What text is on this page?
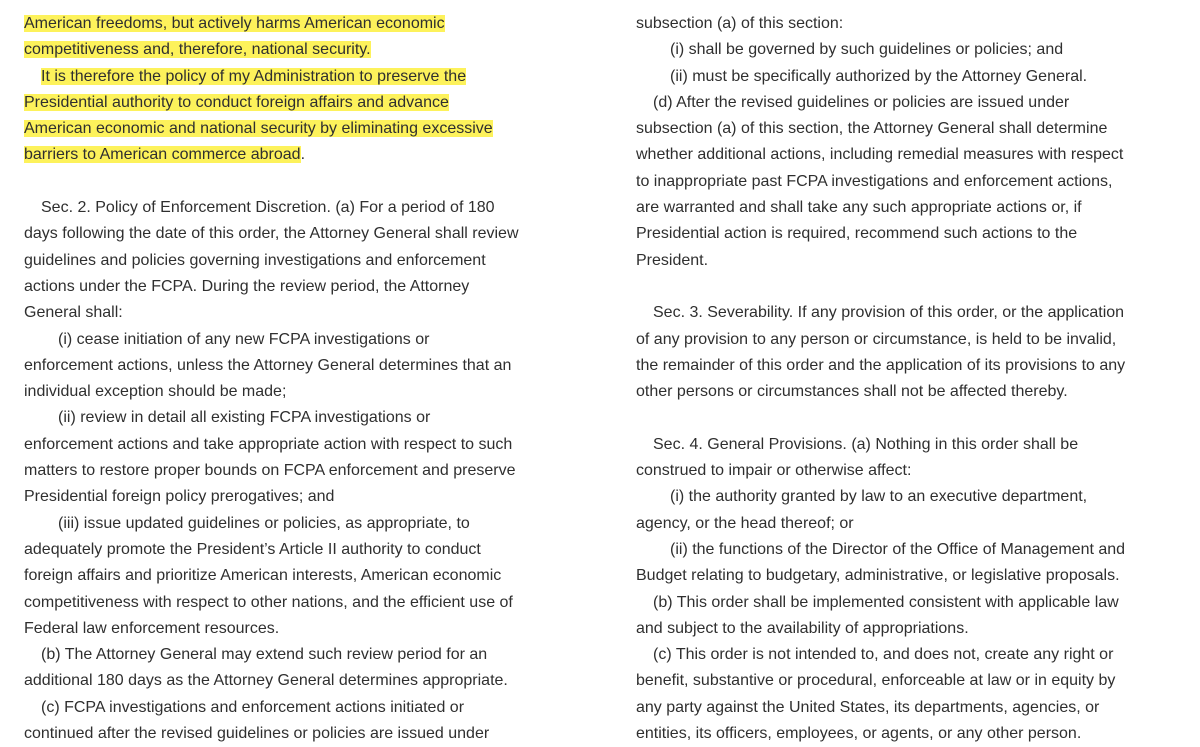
American freedoms, but actively harms American economic
competitiveness and, therefore, national security.
It is therefore the policy of my Administration to preserve the
Presidential authority to conduct foreign affairs and advance
American economic and national security by eliminating excessive
barriers to American commerce abroad.
Sec. 2. Policy of Enforcement Discretion. (a) For a period of 180
days following the date of this order, the Attorney General shall review
guidelines and policies governing investigations and enforcement
actions under the FCPA. During the review period, the Attorney
General shall:
(i) cease initiation of any new FCPA investigations or
enforcement actions, unless the Attorney General determines that an
individual exception should be made;
(ii) review in detail all existing FCPA investigations or
enforcement actions and take appropriate action with respect to such
matters to restore proper bounds on FCPA enforcement and preserve
Presidential foreign policy prerogatives; and
(iii) issue updated guidelines or policies, as appropriate, to
adequately promote the President’s Article II authority to conduct
foreign affairs and prioritize American interests, American economic
competitiveness with respect to other nations, and the efficient use of
Federal law enforcement resources.
(b) The Attorney General may extend such review period for an
additional 180 days as the Attorney General determines appropriate.
(c) FCPA investigations and enforcement actions initiated or
continued after the revised guidelines or policies are issued under
subsection (a) of this section:
(i) shall be governed by such guidelines or policies; and
(ii) must be specifically authorized by the Attorney General.
(d) After the revised guidelines or policies are issued under
subsection (a) of this section, the Attorney General shall determine
whether additional actions, including remedial measures with respect
to inappropriate past FCPA investigations and enforcement actions,
are warranted and shall take any such appropriate actions or, if
Presidential action is required, recommend such actions to the
President.
Sec. 3. Severability. If any provision of this order, or the application
of any provision to any person or circumstance, is held to be invalid,
the remainder of this order and the application of its provisions to any
other persons or circumstances shall not be affected thereby.
Sec. 4. General Provisions. (a) Nothing in this order shall be
construed to impair or otherwise affect:
(i) the authority granted by law to an executive department,
agency, or the head thereof; or
(ii) the functions of the Director of the Office of Management and
Budget relating to budgetary, administrative, or legislative proposals.
(b) This order shall be implemented consistent with applicable law
and subject to the availability of appropriations.
(c) This order is not intended to, and does not, create any right or
benefit, substantive or procedural, enforceable at law or in equity by
any party against the United States, its departments, agencies, or
entities, its officers, employees, or agents, or any other person.
